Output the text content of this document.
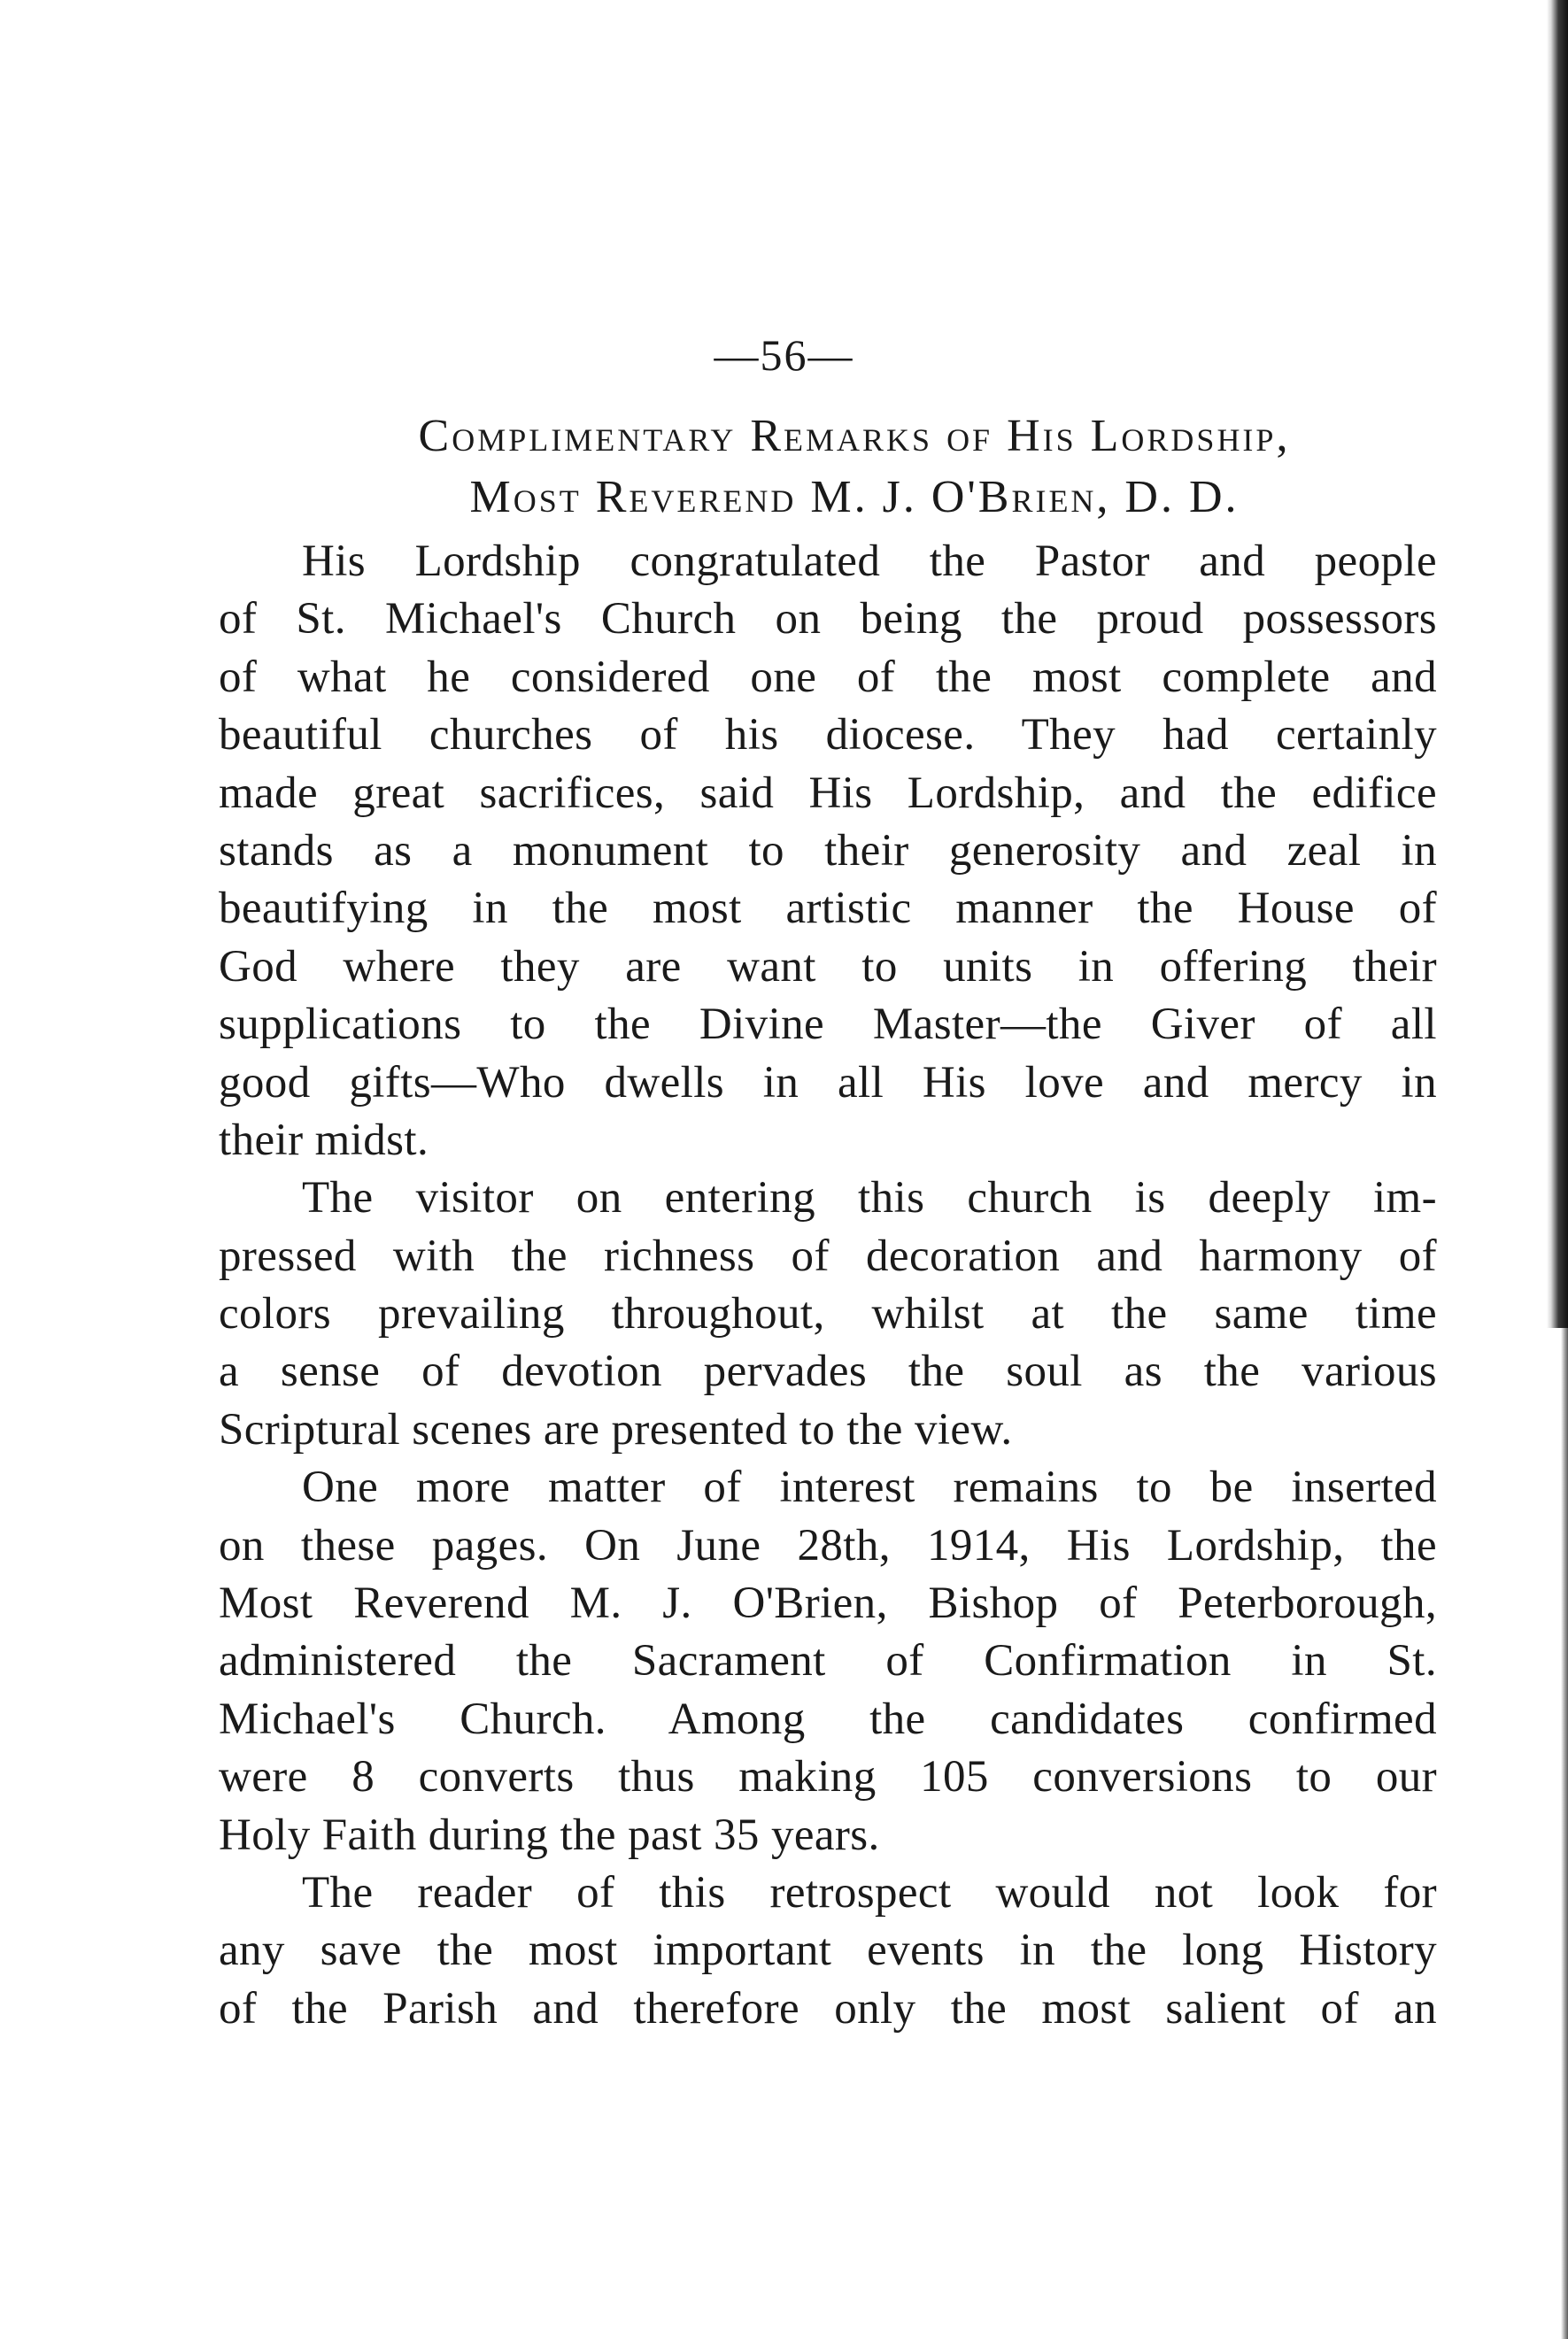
—56—
Complimentary Remarks of His Lordship,
Most Reverend M. J. O'Brien, D. D.
His Lordship congratulated the Pastor and people
of St. Michael's Church on being the proud possessors
of what he considered one of the most complete and
beautiful churches of his diocese. They had certainly
made great sacrifices, said His Lordship, and the edifice
stands as a monument to their generosity and zeal in
beautifying in the most artistic manner the House of
God where they are want to units in offering their
supplications to the Divine Master—the Giver of all
good gifts—Who dwells in all His love and mercy in
their midst.
The visitor on entering this church is deeply im-
pressed with the richness of decoration and harmony of
colors prevailing throughout, whilst at the same time
a sense of devotion pervades the soul as the various
Scriptural scenes are presented to the view.
One more matter of interest remains to be inserted
on these pages. On June 28th, 1914, His Lordship, the
Most Reverend M. J. O'Brien, Bishop of Peterborough,
administered the Sacrament of Confirmation in St.
Michael's Church. Among the candidates confirmed
were 8 converts thus making 105 conversions to our
Holy Faith during the past 35 years.
The reader of this retrospect would not look for
any save the most important events in the long History
of the Parish and therefore only the most salient of an
